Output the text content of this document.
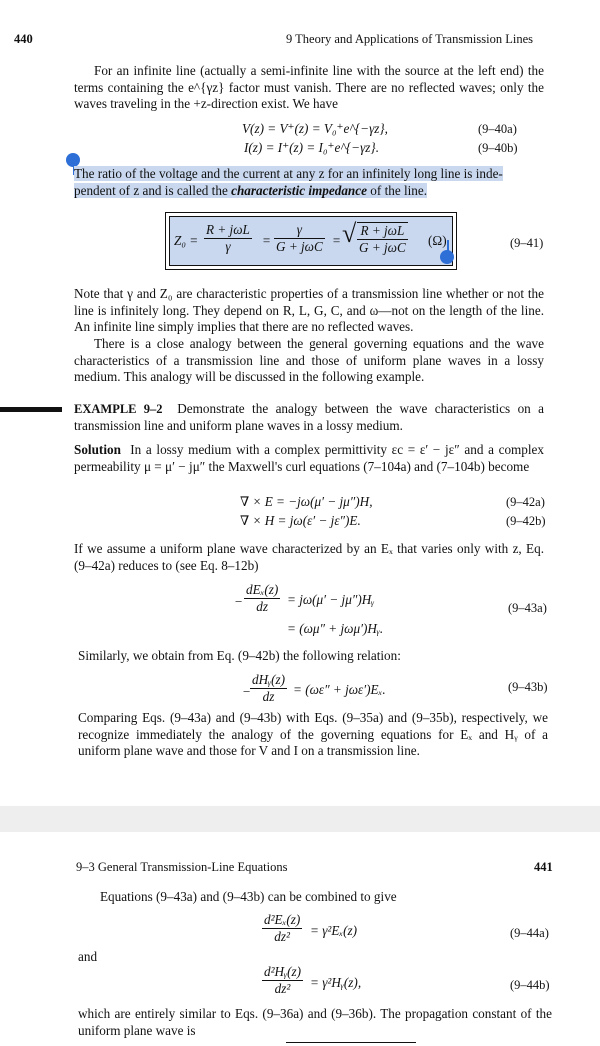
440	9 Theory and Applications of Transmission Lines
For an infinite line (actually a semi-infinite line with the source at the left end) the terms containing the e^{γz} factor must vanish. There are no reflected waves; only the waves traveling in the +z-direction exist. We have
V(z) = V⁺(z) = V₀⁺e^{−γz},	(9–40a)
I(z) = I⁺(z) = I₀⁺e^{−γz}.	(9–40b)
The ratio of the voltage and the current at any z for an infinitely long line is inde-
pendent of z and is called the characteristic impedance of the line.
Z₀ =
R + jωL
γ	=
γ
G + jωC = √ R + jωL
G + jωC (Ω)	(9–41)
Note that γ and Z₀ are characteristic properties of a transmission line whether or not the line is infinitely long. They depend on R, L, G, C, and ω—not on the length of the line. An infinite line simply implies that there are no reflected waves.
There is a close analogy between the general governing equations and the wave characteristics of a transmission line and those of uniform plane waves in a lossy medium. This analogy will be discussed in the following example.
EXAMPLE 9–2 Demonstrate the analogy between the wave characteristics on a transmission line and uniform plane waves in a lossy medium.
Solution In a lossy medium with a complex permittivity εc = ε′ − jε″ and a complex permeability μ = μ′ − jμ″ the Maxwell's curl equations (7–104a) and (7–104b) become
∇ × E = −jω(μ′ − jμ″)H,	(9–42a)
∇ × H = jω(ε′ − jε″)E.	(9–42b)
If we assume a uniform plane wave characterized by an Eₓ that varies only with z, Eq. (9–42a) reduces to (see Eq. 8–12b)
−
dEₓ(z)
dz	= jω(μ′ − jμ″)Hᵧ
= (ωμ″ + jωμ′)Hᵧ.
(9–43a)
Similarly, we obtain from Eq. (9–42b) the following relation:
−
dHᵧ(z)
dz	= (ωε″ + jωε′)Eₓ.	(9–43b)
Comparing Eqs. (9–43a) and (9–43b) with Eqs. (9–35a) and (9–35b), respectively, we recognize immediately the analogy of the governing equations for Eₓ and Hᵧ of a uniform plane wave and those for V and I on a transmission line.
9–3 General Transmission-Line Equations	441
Equations (9–43a) and (9–43b) can be combined to give
$\frac{\text{d²Eₓ(z)}}{\text{dz²}} = \gamma^2E_x(z)$	(9–44a)
and
$\frac{\text{d²Hᵧ(z)}}{\text{dz²}}$ = γ²Hᵧ(z),	(9–44b)
which are entirely similar to Eqs. (9–36a) and (9–36b). The propagation constant of the uniform plane wave is
